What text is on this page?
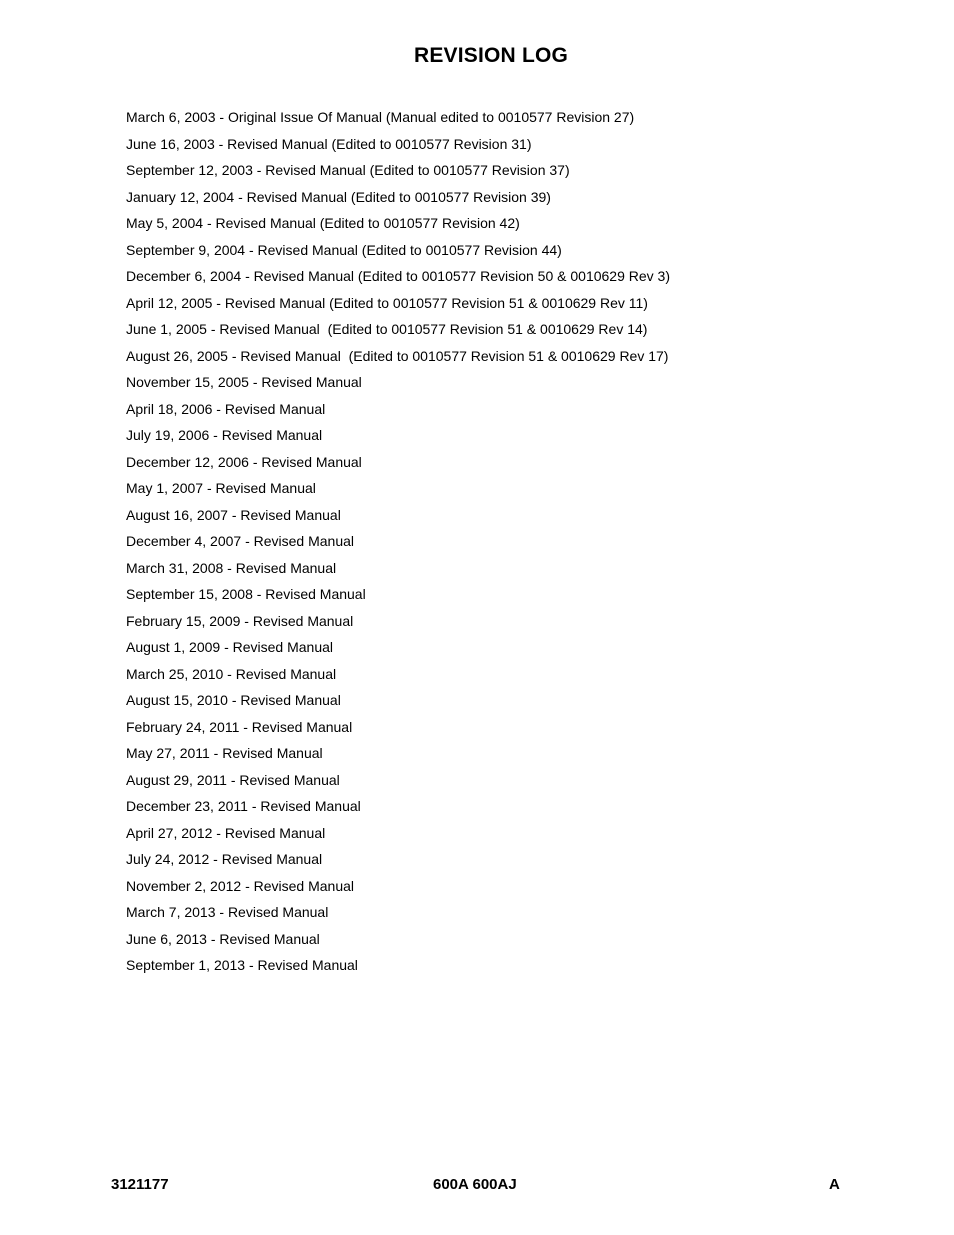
REVISION LOG
March 6, 2003 - Original Issue Of Manual (Manual edited to 0010577 Revision 27)
June 16, 2003 - Revised Manual (Edited to 0010577 Revision 31)
September 12, 2003 - Revised Manual (Edited to 0010577 Revision 37)
January 12, 2004 - Revised Manual (Edited to 0010577 Revision 39)
May 5, 2004 - Revised Manual (Edited to 0010577 Revision 42)
September 9, 2004 - Revised Manual (Edited to 0010577 Revision 44)
December 6, 2004 - Revised Manual (Edited to 0010577 Revision 50 & 0010629 Rev 3)
April 12, 2005 - Revised Manual (Edited to 0010577 Revision 51 & 0010629 Rev 11)
June 1, 2005 - Revised Manual  (Edited to 0010577 Revision 51 & 0010629 Rev 14)
August 26, 2005 - Revised Manual  (Edited to 0010577 Revision 51 & 0010629 Rev 17)
November 15, 2005 - Revised Manual
April 18, 2006 - Revised Manual
July 19, 2006 - Revised Manual
December 12, 2006 - Revised Manual
May 1, 2007 - Revised Manual
August 16, 2007 - Revised Manual
December 4, 2007 - Revised Manual
March 31, 2008 - Revised Manual
September 15, 2008 - Revised Manual
February 15, 2009 - Revised Manual
August 1, 2009 - Revised Manual
March 25, 2010 - Revised Manual
August 15, 2010 - Revised Manual
February 24, 2011 - Revised Manual
May 27, 2011 - Revised Manual
August 29, 2011 - Revised Manual
December 23, 2011 - Revised Manual
April 27, 2012 - Revised Manual
July 24, 2012 - Revised Manual
November 2, 2012 - Revised Manual
March 7, 2013 - Revised Manual
June 6, 2013 - Revised Manual
September 1, 2013 - Revised Manual
3121177	600A 600AJ	A
